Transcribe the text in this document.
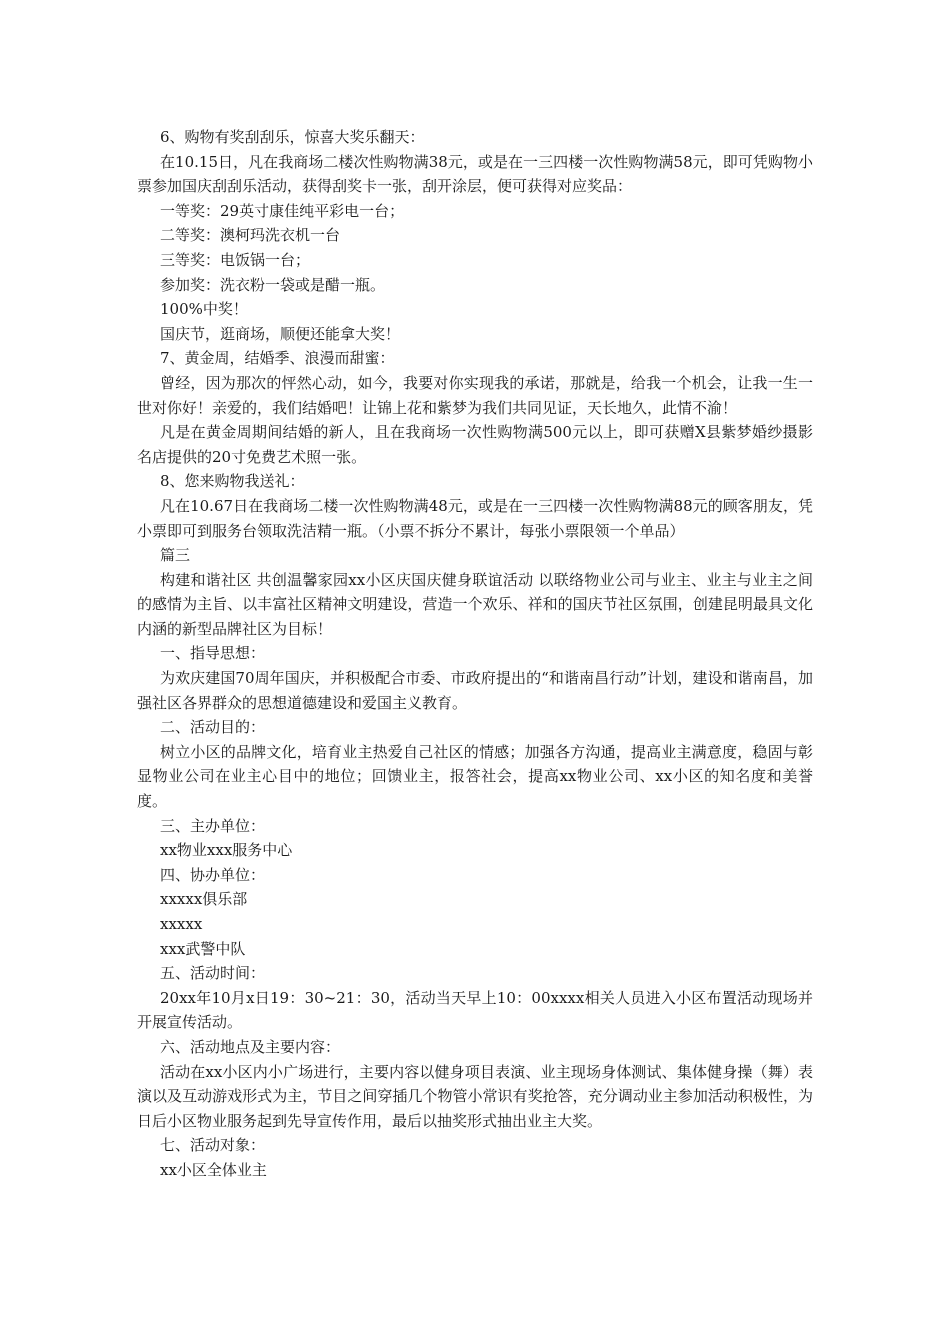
6、购物有奖刮刮乐，惊喜大奖乐翻天：

在10.15日，凡在我商场二楼次性购物满38元，或是在一三四楼一次性购物满58元，即可凭购物小票参加国庆刮刮乐活动，获得刮奖卡一张，刮开涂层，便可获得对应奖品：

一等奖：29英寸康佳纯平彩电一台；

二等奖：澳柯玛洗衣机一台

三等奖：电饭锅一台；

参加奖：洗衣粉一袋或是醋一瓶。

100%中奖！

国庆节，逛商场，顺便还能拿大奖！

7、黄金周，结婚季、浪漫而甜蜜：

曾经，因为那次的怦然心动，如今，我要对你实现我的承诺，那就是，给我一个机会，让我一生一世对你好！亲爱的，我们结婚吧！让锦上花和紫梦为我们共同见证，天长地久，此情不渝！

凡是在黄金周期间结婚的新人，且在我商场一次性购物满500元以上，即可获赠X县紫梦婚纱摄影名店提供的20寸免费艺术照一张。

8、您来购物我送礼：

凡在10.67日在我商场二楼一次性购物满48元，或是在一三四楼一次性购物满88元的顾客朋友，凭小票即可到服务台领取洗洁精一瓶。（小票不拆分不累计，每张小票限领一个单品）

篇三

构建和谐社区 共创温馨家园xx小区庆国庆健身联谊活动 以联络物业公司与业主、业主与业主之间的感情为主旨、以丰富社区精神文明建设，营造一个欢乐、祥和的国庆节社区氛围，创建昆明最具文化内涵的新型品牌社区为目标！

一、指导思想：

为欢庆建国70周年国庆，并积极配合市委、市政府提出的“和谐南昌行动”计划，建设和谐南昌，加强社区各界群众的思想道德建设和爱国主义教育。

二、活动目的：

树立小区的品牌文化，培育业主热爱自己社区的情感；加强各方沟通，提高业主满意度，稳固与彰显物业公司在业主心目中的地位；回馈业主，报答社会，提高xx物业公司、xx小区的知名度和美誉度。

三、主办单位：

xx物业xxx服务中心

四、协办单位：

xxxxx俱乐部

xxxxx

xxx武警中队

五、活动时间：

20xx年10月x日19：30~21：30，活动当天早上10：00xxxx相关人员进入小区布置活动现场并开展宣传活动。

六、活动地点及主要内容：

活动在xx小区内小广场进行，主要内容以健身项目表演、业主现场身体测试、集体健身操（舞）表演以及互动游戏形式为主，节目之间穿插几个物管小常识有奖抢答，充分调动业主参加活动积极性，为日后小区物业服务起到先导宣传作用，最后以抽奖形式抽出业主大奖。

七、活动对象：

xx小区全体业主
